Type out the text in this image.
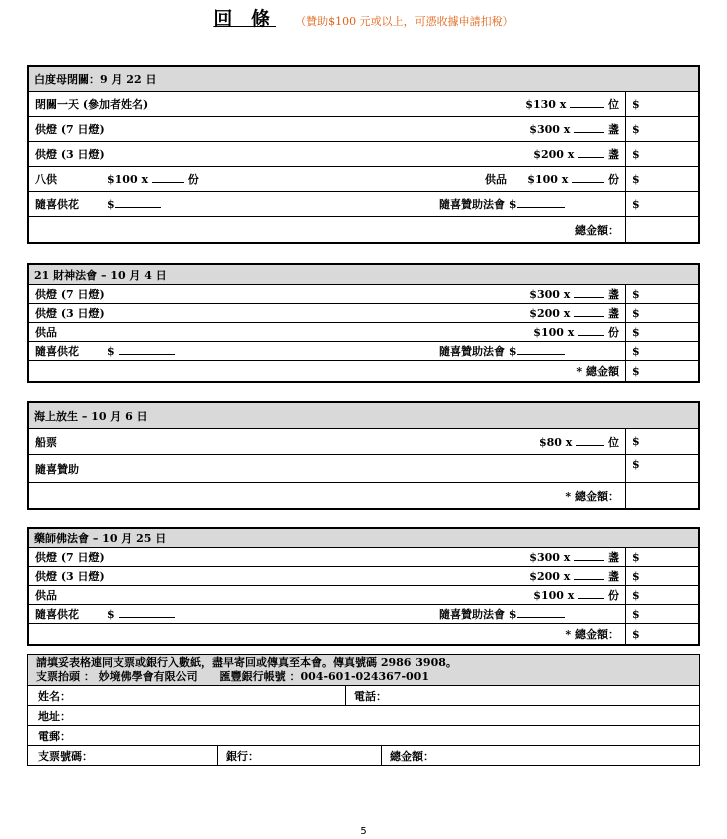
回 條 （贊助$100 元或以上，可憑收據申請扣稅）
白度母閉關：9 月 22 日
閉關一天 (參加者姓名)	$130 x	位 $
供燈 (7 日燈)	$300 x	盞 $
供燈 (3 日燈)	$200 x	盞 $
八供	$100 x	份	供品 $100 x	份 $
隨喜供花	$	隨喜贊助法會 $	$
總金額：
21 財神法會 – 10 月 4 日
供燈 (7 日燈)	$300 x	盞 $
供燈 (3 日燈)	$200 x	盞 $
供品	$100 x	份 $
隨喜供花	$	隨喜贊助法會 $	$
* 總金額 $
海上放生 – 10 月 6 日
船票	$80 x	位 $
隨喜贊助	$
* 總金額：
藥師佛法會 – 10 月 25 日
供燈 (7 日燈)	$300 x	盞 $
供燈 (3 日燈)	$200 x	盞 $
供品	$100 x	份 $
隨喜供花	$	隨喜贊助法會 $	$
* 總金額： $
請填妥表格連同支票或銀行入數紙，盡早寄回或傳真至本會。傳真號碼 2986 3908。
支票抬頭 ： 妙境佛學會有限公司　　匯豐銀行帳號 ：004-601-024367-001
姓名：	電話：
地址：
電郵：
支票號碼：	銀行：	總金額：
5
